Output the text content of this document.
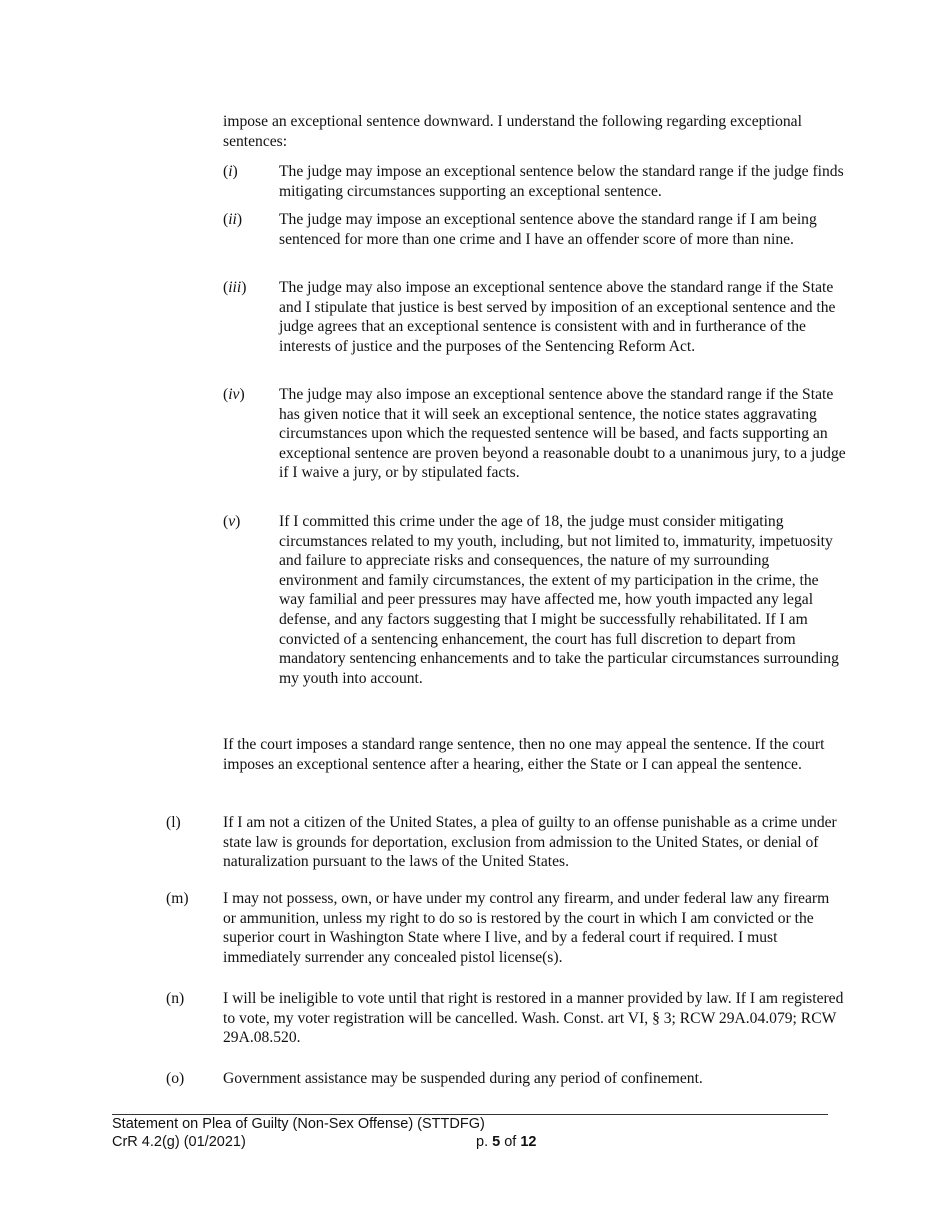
impose an exceptional sentence downward. I understand the following regarding exceptional sentences:
(i)	The judge may impose an exceptional sentence below the standard range if the judge finds mitigating circumstances supporting an exceptional sentence.
(ii) The judge may impose an exceptional sentence above the standard range if I am being sentenced for more than one crime and I have an offender score of more than nine.
(iii) The judge may also impose an exceptional sentence above the standard range if the State and I stipulate that justice is best served by imposition of an exceptional sentence and the judge agrees that an exceptional sentence is consistent with and in furtherance of the interests of justice and the purposes of the Sentencing Reform Act.
(iv) The judge may also impose an exceptional sentence above the standard range if the State has given notice that it will seek an exceptional sentence, the notice states aggravating circumstances upon which the requested sentence will be based, and facts supporting an exceptional sentence are proven beyond a reasonable doubt to a unanimous jury, to a judge if I waive a jury, or by stipulated facts.
(v) If I committed this crime under the age of 18, the judge must consider mitigating circumstances related to my youth, including, but not limited to, immaturity, impetuosity and failure to appreciate risks and consequences, the nature of my surrounding environment and family circumstances, the extent of my participation in the crime, the way familial and peer pressures may have affected me, how youth impacted any legal defense, and any factors suggesting that I might be successfully rehabilitated. If I am convicted of a sentencing enhancement, the court has full discretion to depart from mandatory sentencing enhancements and to take the particular circumstances surrounding my youth into account.
If the court imposes a standard range sentence, then no one may appeal the sentence. If the court imposes an exceptional sentence after a hearing, either the State or I can appeal the sentence.
(l)	If I am not a citizen of the United States, a plea of guilty to an offense punishable as a crime under state law is grounds for deportation, exclusion from admission to the United States, or denial of naturalization pursuant to the laws of the United States.
(m) I may not possess, own, or have under my control any firearm, and under federal law any firearm or ammunition, unless my right to do so is restored by the court in which I am convicted or the superior court in Washington State where I live, and by a federal court if required. I must immediately surrender any concealed pistol license(s).
(n) I will be ineligible to vote until that right is restored in a manner provided by law. If I am registered to vote, my voter registration will be cancelled. Wash. Const. art VI, § 3; RCW 29A.04.079; RCW 29A.08.520.
(o) Government assistance may be suspended during any period of confinement.
Statement on Plea of Guilty (Non-Sex Offense) (STTDFG)
CrR 4.2(g) (01/2021)	p. 5 of 12
